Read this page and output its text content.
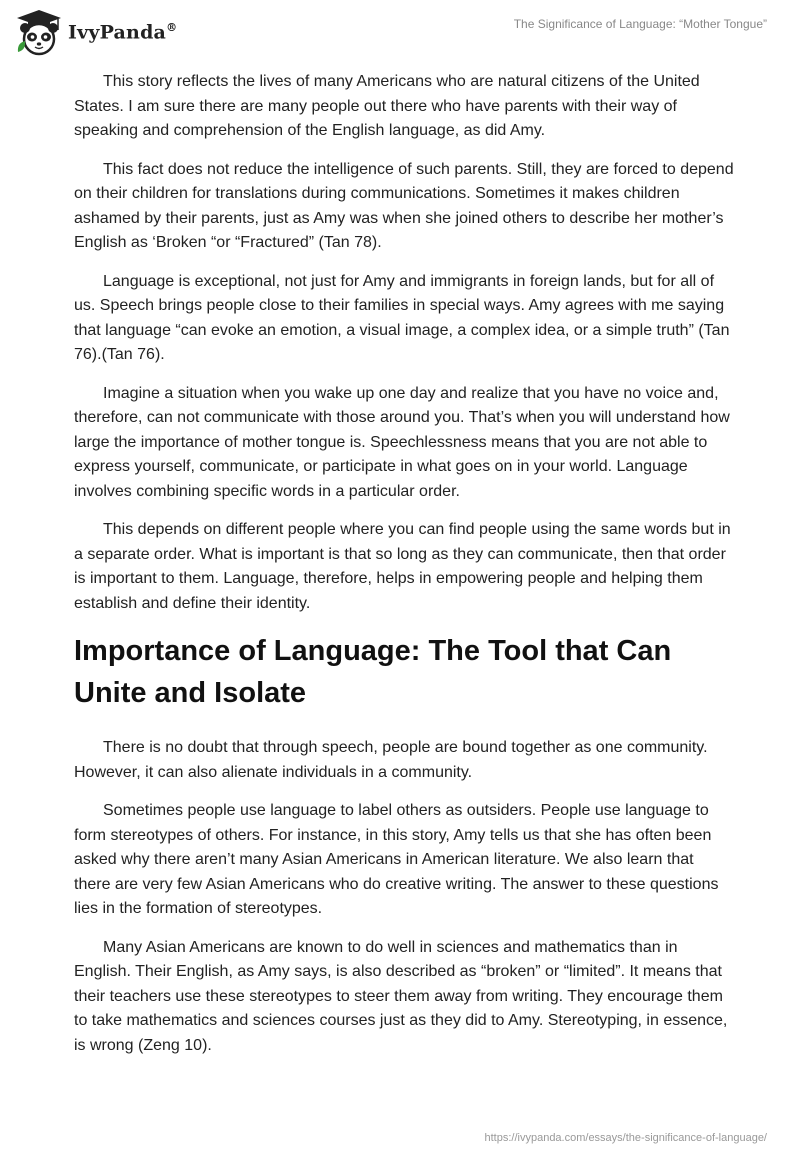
IvyPanda®	The Significance of Language: “Mother Tongue”

This story reflects the lives of many Americans who are natural citizens of the United States. I am sure there are many people out there who have parents with their way of speaking and comprehension of the English language, as did Amy.

This fact does not reduce the intelligence of such parents. Still, they are forced to depend on their children for translations during communications. Sometimes it makes children ashamed by their parents, just as Amy was when she joined others to describe her mother’s English as ‘Broken “or “Fractured” (Tan 78).

Language is exceptional, not just for Amy and immigrants in foreign lands, but for all of us. Speech brings people close to their families in special ways. Amy agrees with me saying that language “can evoke an emotion, a visual image, a complex idea, or a simple truth” (Tan 76).(Tan 76).

Imagine a situation when you wake up one day and realize that you have no voice and, therefore, can not communicate with those around you. That’s when you will understand how large the importance of mother tongue is. Speechlessness means that you are not able to express yourself, communicate, or participate in what goes on in your world. Language involves combining specific words in a particular order.

This depends on different people where you can find people using the same words but in a separate order. What is important is that so long as they can communicate, then that order is important to them. Language, therefore, helps in empowering people and helping them establish and define their identity.

Importance of Language: The Tool that Can Unite and Isolate

There is no doubt that through speech, people are bound together as one community. However, it can also alienate individuals in a community.

Sometimes people use language to label others as outsiders. People use language to form stereotypes of others. For instance, in this story, Amy tells us that she has often been asked why there aren’t many Asian Americans in American literature. We also learn that there are very few Asian Americans who do creative writing. The answer to these questions lies in the formation of stereotypes.

Many Asian Americans are known to do well in sciences and mathematics than in English. Their English, as Amy says, is also described as “broken” or “limited”. It means that their teachers use these stereotypes to steer them away from writing. They encourage them to take mathematics and sciences courses just as they did to Amy. Stereotyping, in essence, is wrong (Zeng 10).

https://ivypanda.com/essays/the-significance-of-language/
